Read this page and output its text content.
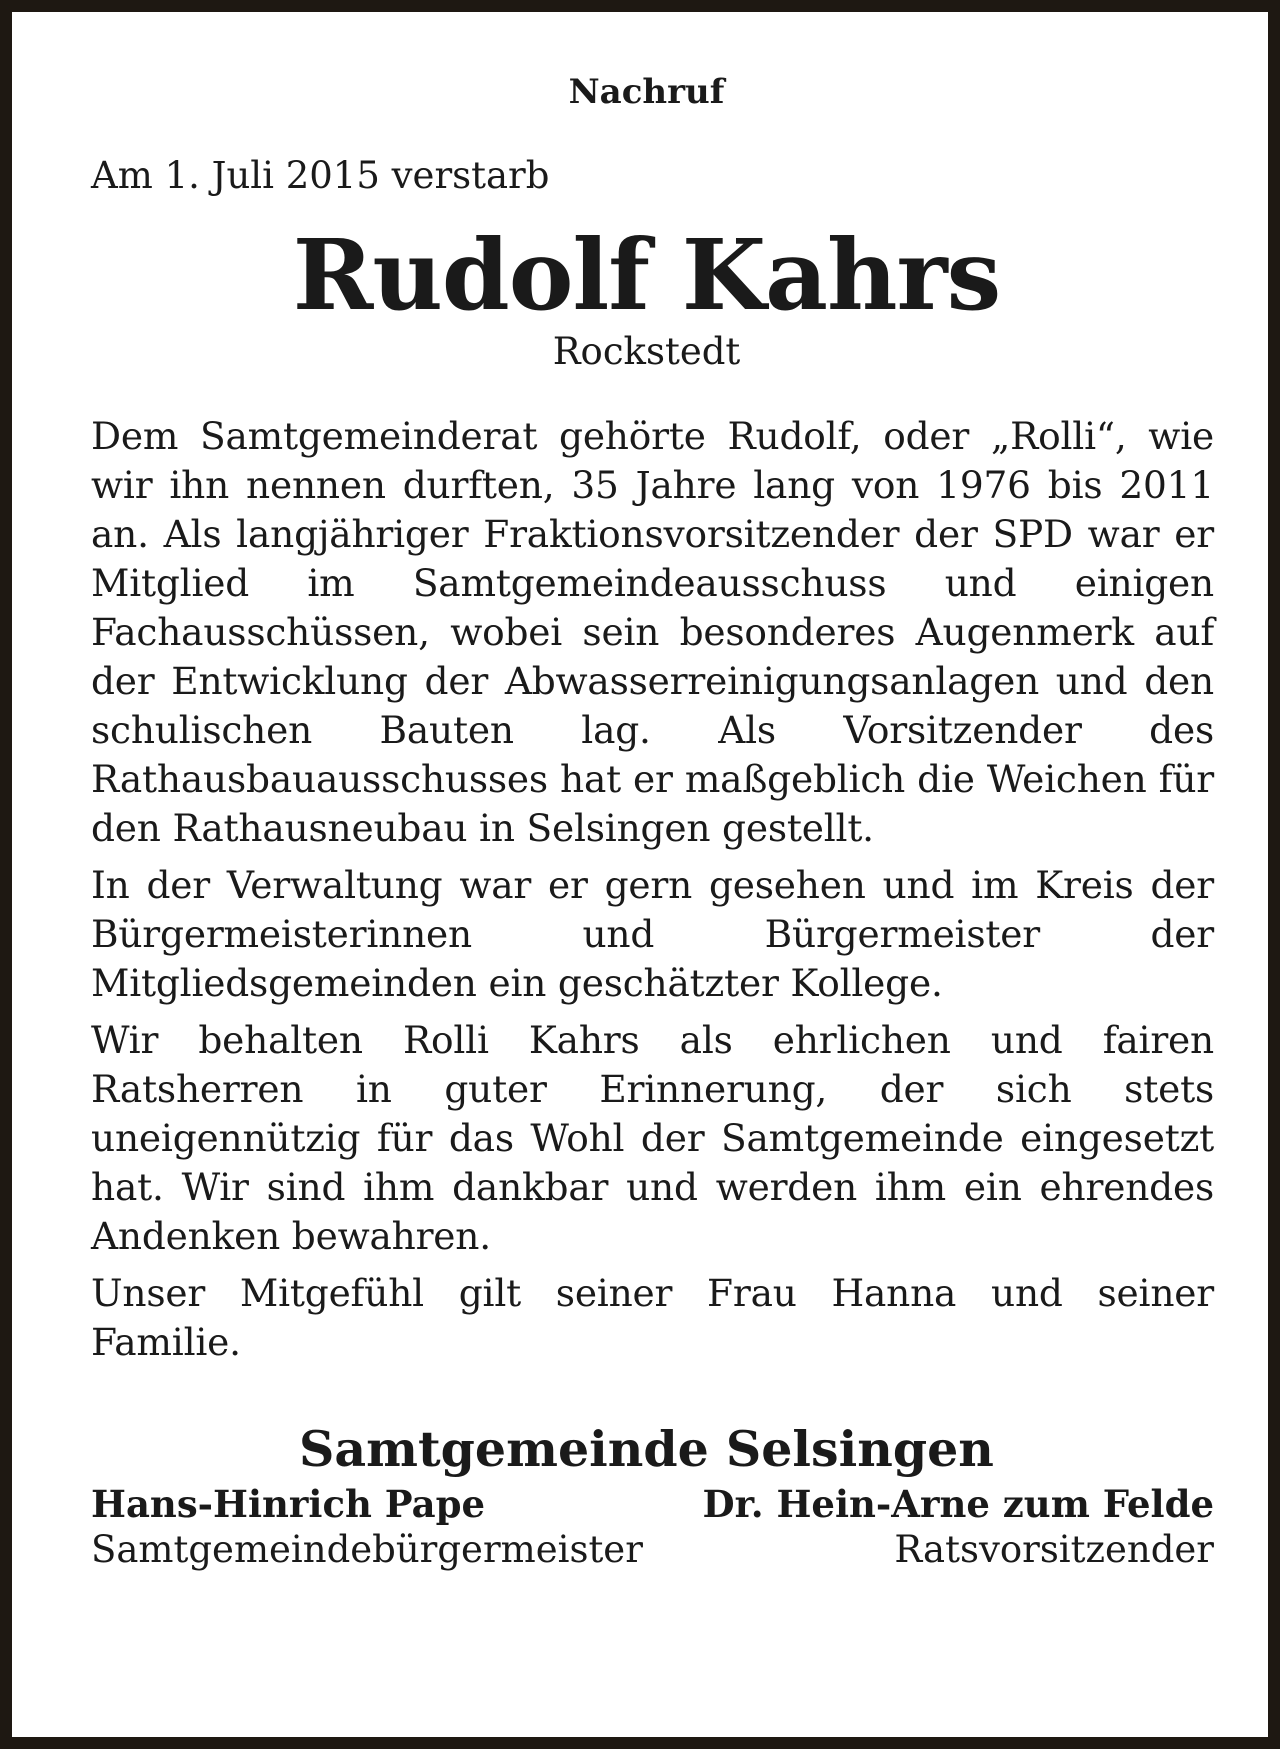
Nachruf

Am 1. Juli 2015 verstarb

Rudolf Kahrs

Rockstedt

Dem Samtgemeinderat gehörte Rudolf, oder „Rolli“, wie wir ihn nennen durften, 35 Jahre lang von 1976 bis 2011 an. Als langjähriger Fraktionsvorsitzender der SPD war er Mitglied im Samtgemeindeausschuss und einigen Fachausschüssen, wobei sein besonderes Augenmerk auf der Entwicklung der Abwasserreinigungsanlagen und den schulischen Bauten lag. Als Vorsitzender des Rathausbauausschusses hat er maßgeblich die Weichen für den Rathausneubau in Selsingen gestellt.

In der Verwaltung war er gern gesehen und im Kreis der Bürgermeisterinnen und Bürgermeister der Mitgliedsgemeinden ein geschätzter Kollege.

Wir behalten Rolli Kahrs als ehrlichen und fairen Ratsherren in guter Erinnerung, der sich stets uneigennützig für das Wohl der Samtgemeinde eingesetzt hat. Wir sind ihm dankbar und werden ihm ein ehrendes Andenken bewahren.

Unser Mitgefühl gilt seiner Frau Hanna und seiner Familie.

Samtgemeinde Selsingen

Hans-Hinrich Pape
Samtgemeindebürgermeister
Dr. Hein-Arne zum Felde
Ratsvorsitzender
